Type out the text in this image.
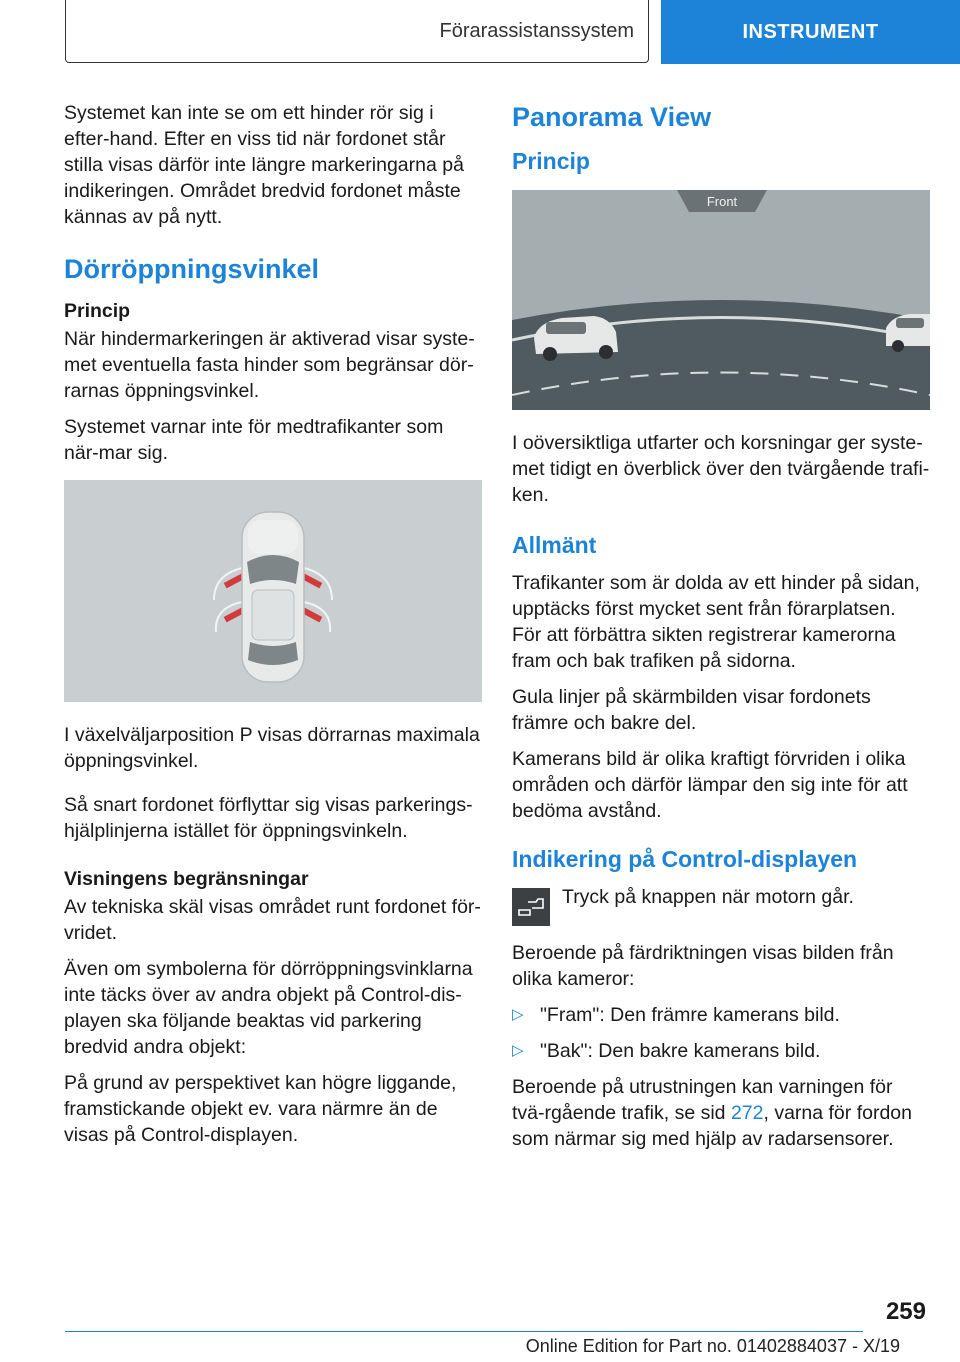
Förarassistanssystem	INSTRUMENT

Systemet kan inte se om ett hinder rör sig i efter-hand. Efter en viss tid när fordonet står stilla visas därför inte längre markeringarna på indikeringen. Området bredvid fordonet måste kännas av på nytt.

Dörröppningsvinkel
Princip

När hindermarkeringen är aktiverad visar syste-met eventuella fasta hinder som begränsar dör-rarnas öppningsvinkel.

Systemet varnar inte för medtrafikanter som när-mar sig.

I växelväljarposition P visas dörrarnas maximala öppningsvinkel.

Så snart fordonet förflyttar sig visas parkerings-hjälplinjerna istället för öppningsvinkeln.

Visningens begränsningar

Av tekniska skäl visas området runt fordonet för-vridet.

Även om symbolerna för dörröppningsvinklarna inte täcks över av andra objekt på Control-dis-playen ska följande beaktas vid parkering bredvid andra objekt:

På grund av perspektivet kan högre liggande, framstickande objekt ev. vara närmre än de visas på Control-displayen.

Panorama View
Princip
Front

I oöversiktliga utfarter och korsningar ger syste-met tidigt en överblick över den tvärgående trafi-ken.

Allmänt

Trafikanter som är dolda av ett hinder på sidan, upptäcks först mycket sent från förarplatsen. För att förbättra sikten registrerar kamerorna fram och bak trafiken på sidorna.

Gula linjer på skärmbilden visar fordonets främre och bakre del.

Kamerans bild är olika kraftigt förvriden i olika områden och därför lämpar den sig inte för att bedöma avstånd.

Indikering på Control-displayen

Tryck på knappen när motorn går.

Beroende på färdriktningen visas bilden från olika kameror:

▷ "Fram": Den främre kamerans bild.
▷ "Bak": Den bakre kamerans bild.

Beroende på utrustningen kan varningen för tvä-rgående trafik, se sid 272, varna för fordon som närmar sig med hjälp av radarsensorer.

259
Online Edition for Part no. 01402884037 - X/19
